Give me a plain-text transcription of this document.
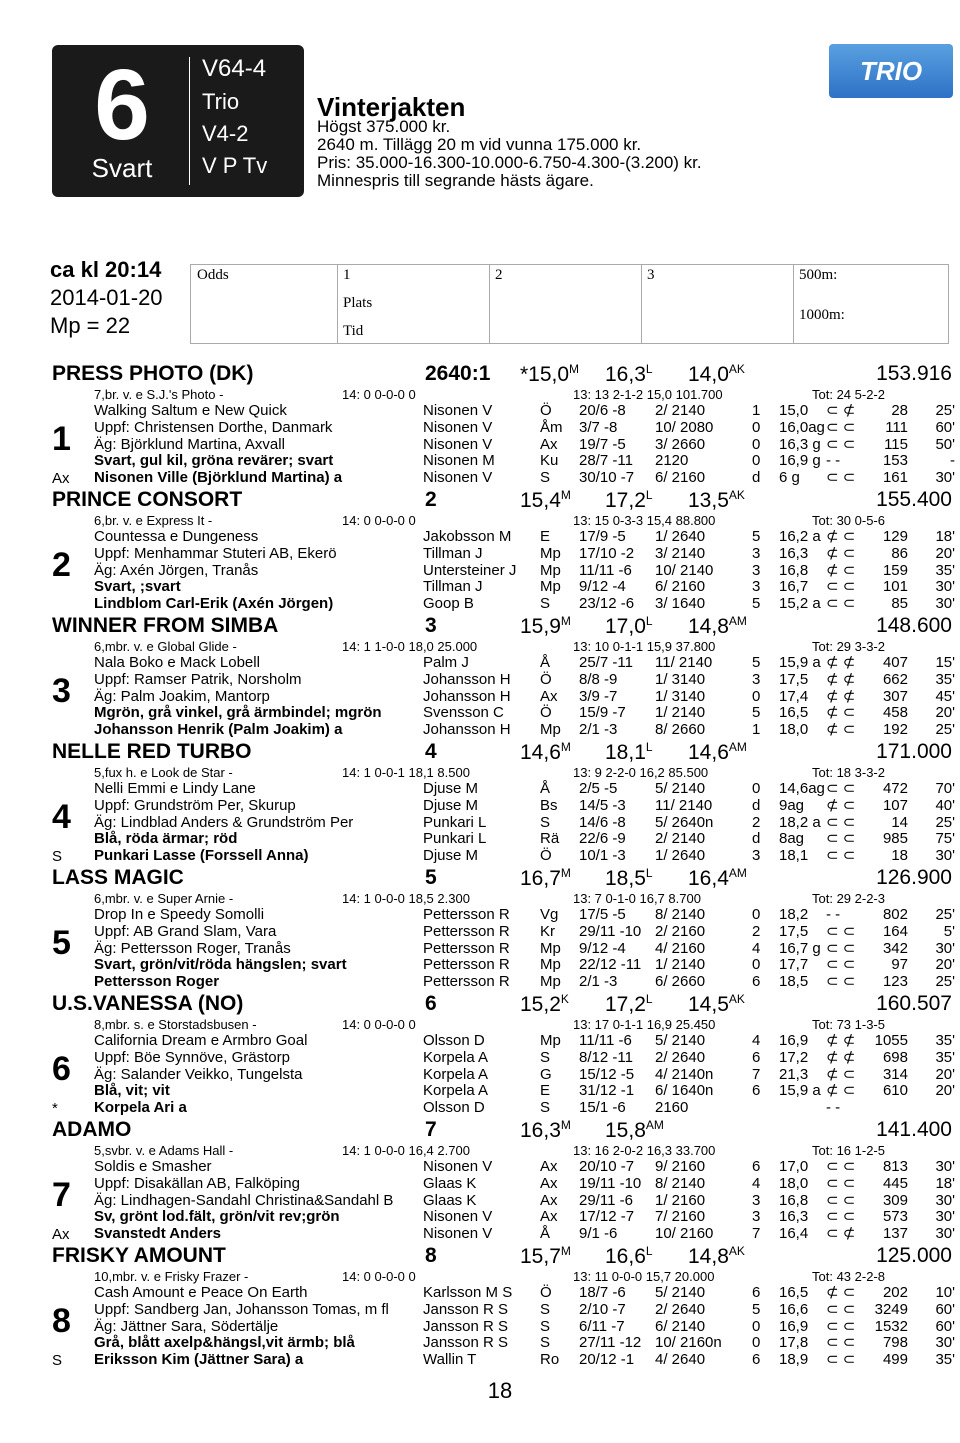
6
Svart
V64-4
Trio
V4-2
V P Tv
Vinterjakten
Högst 375.000 kr.
2640 m. Tillägg 20 m vid vunna 175.000 kr.
Pris: 35.000-16.300-10.000-6.750-4.300-(3.200) kr.
Minnespris till segrande hästs ägare.
TRIO
ca kl 20:14
2014-01-20
Mp = 22
Odds	1	2	3
Plats
Tid
500m:
1000m:
PRESS PHOTO (DK)	2640:1 $*15,0^M$ $16,3^L$ $14,0^{AK}$	153.916
7,br. v. e S.J.'s Photo -	14: 0 0-0-0 0	13: 13 2-1-2 15,0 101.700	Tot: 24 5-2-2
Walking Saltum e New Quick	Nisonen V	Ö 20/6 -8 2/ 2140	1 15,0 ⊂ ⊄	28	25'
Uppf: Christensen Dorthe, Danmark	Nisonen V	Åm 3/7 -8	10/ 2080	0 16,0ag ⊂ ⊂	111	60'
Äg: Björklund Martina, Axvall	Nisonen V	Ax 19/7 -5 3/ 2660	0 16,3 g ⊂ ⊂	115	50'
Svart, gul kil, gröna revärer; svart	Nisonen M	Ku 28/7 -11 2120	0 16,9 g - -	153	-
Nisonen Ville (Björklund Martina) a	Nisonen V	S 30/10 -7 6/ 2160	d 6 g ⊂ ⊂	161	30'
1
Ax
PRINCE CONSORT	2	$15,4^M$ $17,2^L$ $13,5^{AK}$	155.400
6,br. v. e Express It -	14: 0 0-0-0 0	13: 15 0-3-3 15,4 88.800	Tot: 30 0-5-6
Countessa e Dungeness	Jakobsson M E 17/9 -5 1/ 2640	5 16,2 a ⊄ ⊂	129	18'
Uppf: Menhammar Stuteri AB, Ekerö	Tillman J	Mp 17/10 -2 3/ 2140	3 16,3 ⊄ ⊂	86	20'
Äg: Axén Jörgen, Tranås	Untersteiner J Mp 11/11 -6 10/ 2140	3 16,8 ⊄ ⊂	159	35'
Svart, ;svart	Tillman J	Mp 9/12 -4 6/ 2160	3 16,7 ⊂ ⊂	101	30'
Lindblom Carl-Erik (Axén Jörgen)	Goop B	S 23/12 -6 3/ 1640	5 15,2 a ⊂ ⊂	85	30'
2
WINNER FROM SIMBA	3	$15,9^M$ $17,0^L$ $14,8^{AM}$	148.600
6,mbr. v. e Global Glide -	14: 1 1-0-0 18,0 25.000	13: 10 0-1-1 15,9 37.800	Tot: 29 3-3-2
Nala Boko e Mack Lobell	Palm J	Å 25/7 -11 11/ 2140	5 15,9 a ⊄ ⊄	407	15'
Uppf: Ramser Patrik, Norsholm	Johansson H Ö 8/8 -9	1/ 3140	3 17,5 ⊄ ⊄	662	35'
Äg: Palm Joakim, Mantorp	Johansson H Ax 3/9 -7	1/ 3140	0 17,4 ⊄ ⊄	307	45'
Mgrön, grå vinkel, grå ärmbindel; mgrön	Svensson C Ö 15/9 -7 1/ 2140	5 16,5 ⊄ ⊂	458	20'
Johansson Henrik (Palm Joakim) a	Johansson H Mp 2/1 -3	8/ 2660	1 18,0 ⊄ ⊂	192	25'
3
NELLE RED TURBO	4	$14,6^M$ $18,1^L$ $14,6^{AM}$	171.000
5,fux h. e Look de Star -	14: 1 0-0-1 18,1 8.500	13: 9 2-2-0 16,2 85.500	Tot: 18 3-3-2
Nelli Emmi e Lindy Lane	Djuse M	Å 2/5 -5	5/ 2140	0 14,6ag ⊂ ⊂	472	70'
Uppf: Grundström Per, Skurup	Djuse M	Bs 14/5 -3 11/ 2140	d 9ag ⊄ ⊂	107	40'
Äg: Lindblad Anders & Grundström Per	Punkari L	S 14/6 -8 5/ 2640n	2 18,2 a ⊂ ⊂	14	25'
Blå, röda ärmar; röd	Punkari L	Rä 22/6 -9 2/ 2140	d 8ag ⊂ ⊂	985	75'
Punkari Lasse (Forssell Anna)	Djuse M	Ö 10/1 -3 1/ 2640	3 18,1 ⊂ ⊂	18	30'
4
S
LASS MAGIC	5	$16,7^M$ $18,5^L$ $16,4^{AM}$	126.900
6,mbr. v. e Super Arnie -	14: 1 0-0-0 18,5 2.300	13: 7 0-1-0 16,7 8.700	Tot: 29 2-2-3
Drop In e Speedy Somolli	Pettersson R Vg 17/5 -5 8/ 2140	0 18,2 - -	802	25'
Uppf: AB Grand Slam, Vara	Pettersson R Kr 29/11 -10 2/ 2160	2 17,5 ⊂ ⊂	164	5'
Äg: Pettersson Roger, Tranås	Pettersson R Mp 9/12 -4 4/ 2160	4 16,7 g ⊂ ⊂	342	30'
Svart, grön/vit/röda hängslen; svart	Pettersson R Mp 22/12 -11 1/ 2140	0 17,7 ⊂ ⊂	97	20'
Pettersson Roger	Pettersson R Mp 2/1 -3	6/ 2660	6 18,5 ⊂ ⊂	123	25'
5
U.S.VANESSA (NO)	6	$15,2^K$ $17,2^L$ $14,5^{AK}$	160.507
8,mbr. s. e Storstadsbusen -	14: 0 0-0-0 0	13: 17 0-1-1 16,9 25.450	Tot: 73 1-3-5
California Dream e Armbro Goal	Olsson D	Mp 11/11 -6 5/ 2140	4 16,9 ⊄ ⊄	1055	35'
Uppf: Böe Synnöve, Grästorp	Korpela A	S 8/12 -11 2/ 2640	6 17,2 ⊄ ⊄	698	35'
Äg: Salander Veikko, Tungelsta	Korpela A	G 15/12 -5 4/ 2140n	7 21,3 ⊄ ⊂	314	20'
Blå, vit; vit	Korpela A	E 31/12 -1 6/ 1640n	6 15,9 a ⊄ ⊂	610	20'
Korpela Ari a	Olsson D	S 15/1 -6 2160	- -
6
*
ADAMO	7	$16,3^M$ $15,8^{AM}$	141.400
5,svbr. v. e Adams Hall -	14: 1 0-0-0 16,4 2.700	13: 16 2-0-2 16,3 33.700	Tot: 16 1-2-5
Soldis e Smasher	Nisonen V	Ax 20/10 -7 9/ 2160	6 17,0 ⊂ ⊂	813	30'
Uppf: Disakällan AB, Falköping	Glaas K	Ax 19/11 -10 8/ 2140	4 18,0 ⊂ ⊂	445	18'
Äg: Lindhagen-Sandahl Christina&Sandahl B Glaas K	Ax 29/11 -6 1/ 2160	3 16,8 ⊂ ⊂	309	30'
Sv, grönt lod.fält, grön/vit rev;grön	Nisonen V	Ax 17/12 -7 7/ 2160	3 16,3 ⊂ ⊂	573	30'
Svanstedt Anders	Nisonen V	Å 9/1 -6	10/ 2160	7 16,4 ⊂ ⊄	137	30'
7
Ax
FRISKY AMOUNT	8	$15,7^M$ $16,6^L$ $14,8^{AK}$	125.000
10,mbr. v. e Frisky Frazer -	14: 0 0-0-0 0	13: 11 0-0-0 15,7 20.000	Tot: 43 2-2-8
Cash Amount e Peace On Earth	Karlsson M S Ö 18/7 -6 5/ 2140	6 16,5 ⊄ ⊂	202	10'
Uppf: Sandberg Jan, Johansson Tomas, m fl Jansson R S S 2/10 -7 2/ 2640	5 16,6 ⊂ ⊂	3249	60'
Äg: Jättner Sara, Södertälje	Jansson R S S 6/11 -7 6/ 2140	0 16,9 ⊂ ⊂	1532	60'
Grå, blått axelp&hängsl,vit ärmb; blå	Jansson R S S 27/11 -12 10/ 2160n 0 17,8 ⊂ ⊂	798	30'
Eriksson Kim (Jättner Sara) a	Wallin T	Ro 20/12 -1 4/ 2640	6 18,9 ⊂ ⊂	499	35'
8
S
18
